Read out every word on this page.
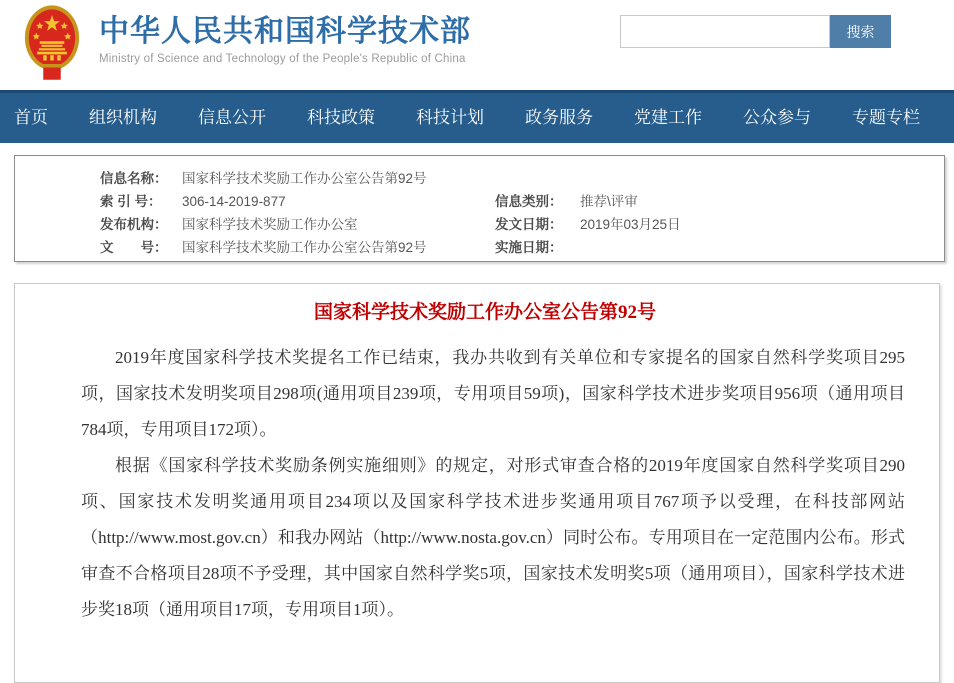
中华人民共和国科学技术部
Ministry of Science and Technology of the People's Republic of China
搜索
首页 组织机构 信息公开 科技政策 科技计划 政务服务 党建工作 公众参与 专题专栏
信息名称：	国家科学技术奖励工作办公室公告第92号
索 引 号：	306-14-2019-877	信息类别：	推荐\评审
发布机构：	国家科学技术奖励工作办公室	发文日期：	2019年03月25日
文　　号：	国家科学技术奖励工作办公室公告第92号	实施日期：
国家科学技术奖励工作办公室公告第92号

2019年度国家科学技术奖提名工作已结束，我办共收到有关单位和专家提名的国家自然科学奖项目295项，国家技术发明奖项目298项(通用项目239项，专用项目59项)，国家科学技术进步奖项目956项（通用项目784项，专用项目172项）。

根据《国家科学技术奖励条例实施细则》的规定，对形式审查合格的2019年度国家自然科学奖项目290项、国家技术发明奖通用项目234项以及国家科学技术进步奖通用项目767项予以受理，在科技部网站（http://www.most.gov.cn）和我办网站（http://www.nosta.gov.cn）同时公布。专用项目在一定范围内公布。形式审查不合格项目28项不予受理，其中国家自然科学奖5项，国家技术发明奖5项（通用项目），国家科学技术进步奖18项（通用项目17项，专用项目1项）。
